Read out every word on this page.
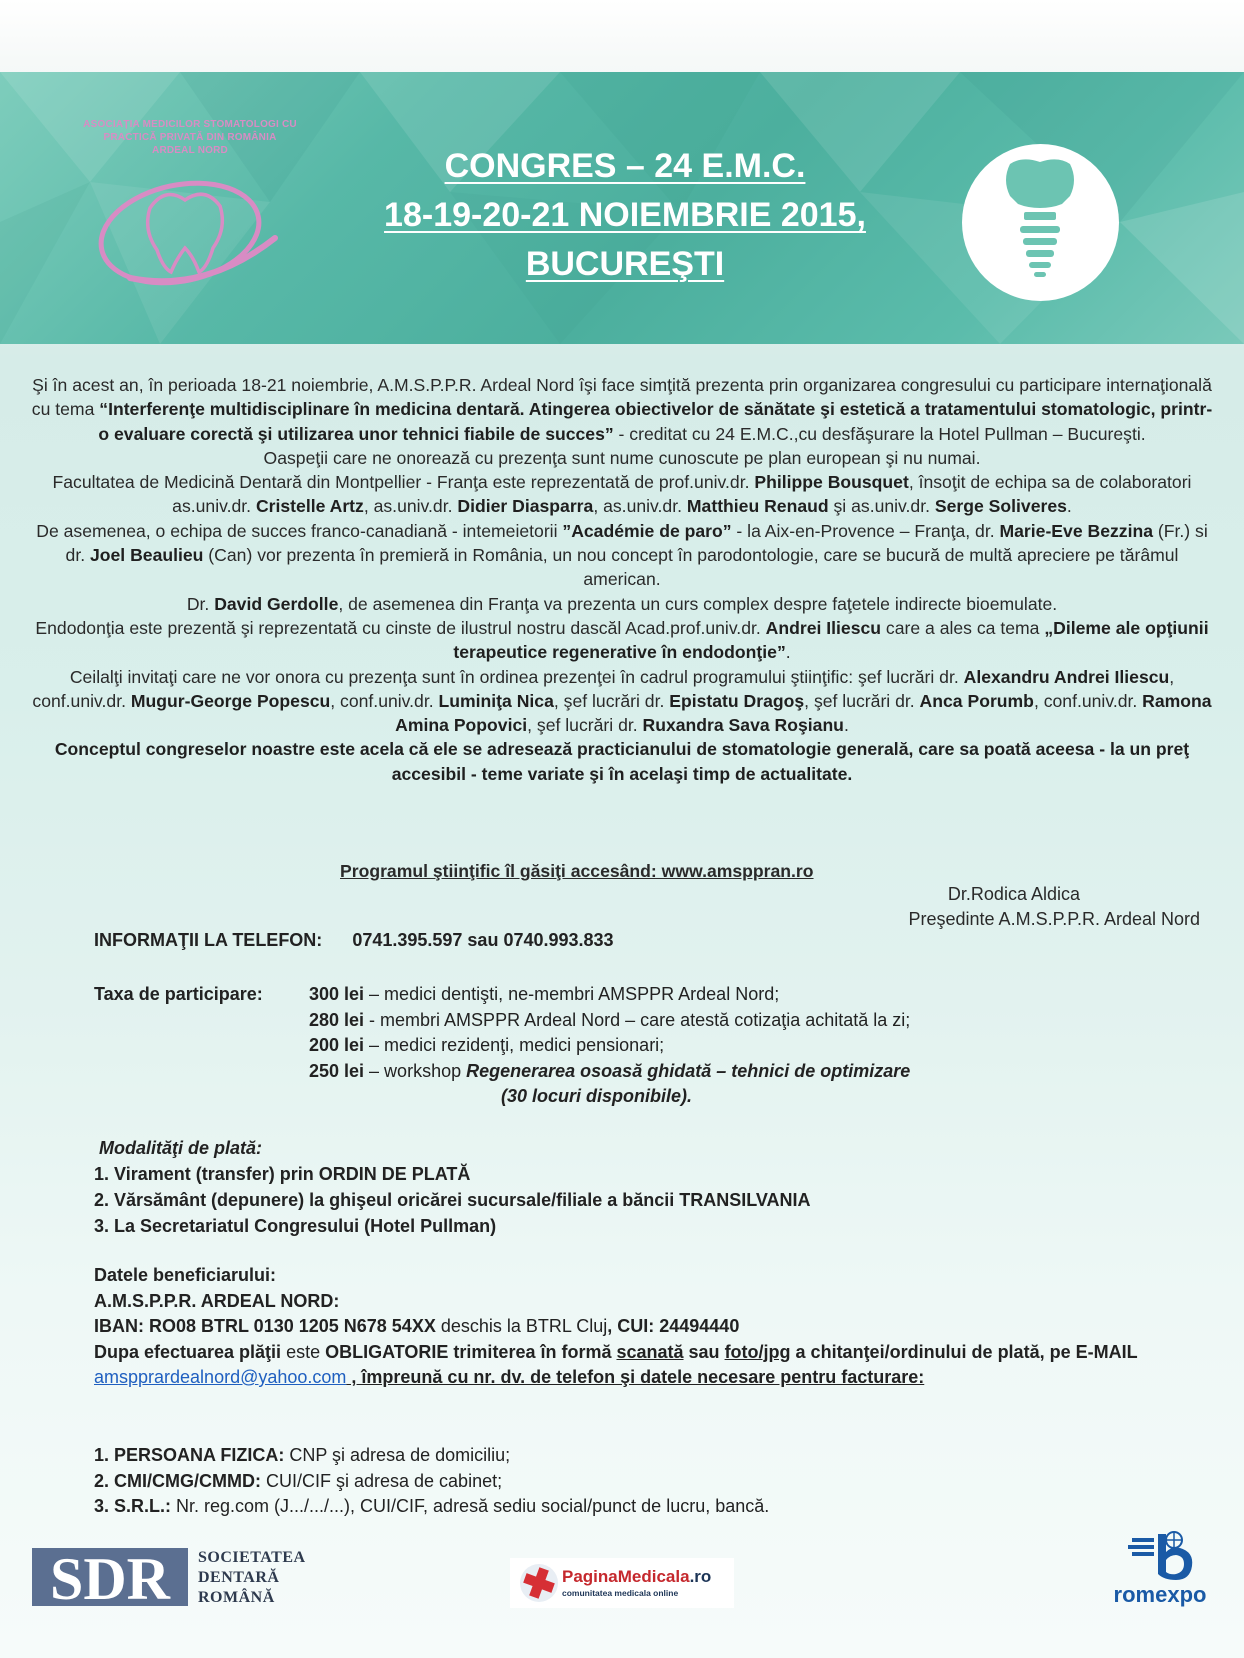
ASOCIAȚIA MEDICILOR STOMATOLOGI CU
PRACTICĂ PRIVATĂ DIN ROMÂNIA
ARDEAL NORD	CONGRES – 24 E.M.C.
18-19-20-21 NOIEMBRIE 2015,
BUCUREŞTI
Şi în acest an, în perioada 18-21 noiembrie, A.M.S.P.P.R. Ardeal Nord îşi face simţită prezenta prin organizarea congresului cu participare internaţională cu tema “Interferenţe multidisciplinare în medicina dentară. Atingerea obiectivelor de sănătate şi estetică a tratamentului stomatologic, printr-o evaluare corectă şi utilizarea unor tehnici fiabile de succes” - creditat cu 24 E.M.C.,cu desfăşurare la Hotel Pullman – Bucureşti.
Oaspeţii care ne onorează cu prezenţa sunt nume cunoscute pe plan european şi nu numai.
Facultatea de Medicină Dentară din Montpellier - Franţa este reprezentată de prof.univ.dr. Philippe Bousquet, însoţit de echipa sa de colaboratori as.univ.dr. Cristelle Artz, as.univ.dr. Didier Diasparra, as.univ.dr. Matthieu Renaud şi as.univ.dr. Serge Soliveres.
De asemenea, o echipa de succes franco-canadiană - intemeietorii ”Académie de paro” - la Aix-en-Provence – Franţa, dr. Marie-Eve Bezzina (Fr.) si dr. Joel Beaulieu (Can) vor prezenta în premieră in România, un nou concept în parodontologie, care se bucură de multă apreciere pe tărâmul american.
Dr. David Gerdolle, de asemenea din Franţa va prezenta un curs complex despre faţetele indirecte bioemulate.
Endodonţia este prezentă şi reprezentată cu cinste de ilustrul nostru dascăl Acad.prof.univ.dr. Andrei Iliescu care a ales ca tema „Dileme ale opţiunii terapeutice regenerative în endodonţie”.
Ceilalţi invitaţi care ne vor onora cu prezenţa sunt în ordinea prezenţei în cadrul programului ştiinţific: şef lucrări dr. Alexandru Andrei Iliescu, conf.univ.dr. Mugur-George Popescu, conf.univ.dr. Luminiţa Nica, şef lucrări dr. Epistatu Dragoş, şef lucrări dr. Anca Porumb, conf.univ.dr. Ramona Amina Popovici, şef lucrări dr. Ruxandra Sava Roşianu.
Conceptul congreselor noastre este acela că ele se adresează practicianului de stomatologie generală, care sa poată aceesa - la un preţ accesibil - teme variate şi în acelaşi timp de actualitate.
Programul ştiinţific îl găsiţi accesând: www.amsppran.ro
Dr.Rodica Aldica
Preşedinte A.M.S.P.P.R. Ardeal Nord
INFORMAŢII LA TELEFON: 0741.395.597 sau 0740.993.833
Taxa de participare:	300 lei – medici dentişti, ne-membri AMSPPR Ardeal Nord;
280 lei - membri AMSPPR Ardeal Nord – care atestă cotizaţia achitată la zi;
200 lei – medici rezidenţi, medici pensionari;
250 lei – workshop Regenerarea osoasă ghidată – tehnici de optimizare
(30 locuri disponibile).
Modalităţi de plată:
1. Virament (transfer) prin ORDIN DE PLATĂ
2. Vărsământ (depunere) la ghişeul oricărei sucursale/filiale a băncii TRANSILVANIA
3. La Secretariatul Congresului (Hotel Pullman)
Datele beneficiarului:
A.M.S.P.P.R. ARDEAL NORD:
IBAN: RO08 BTRL 0130 1205 N678 54XX deschis la BTRL Cluj, CUI: 24494440
Dupa efectuarea plăţii este OBLIGATORIE trimiterea în formă scanată sau foto/jpg a chitanţei/ordinului de plată, pe E-MAIL amspprardealnord@yahoo.com , împreună cu nr. dv. de telefon şi datele necesare pentru facturare:
1. PERSOANA FIZICA: CNP şi adresa de domiciliu;
2. CMI/CMG/CMMD: CUI/CIF şi adresa de cabinet;
3. S.R.L.: Nr. reg.com (J.../.../...), CUI/CIF, adresă sediu social/punct de lucru, bancă.
SDR SOCIETATEA
DENTARĂ
ROMÂNĂ
PaginaMedicala.ro
comunitatea medicala online	romexpo
